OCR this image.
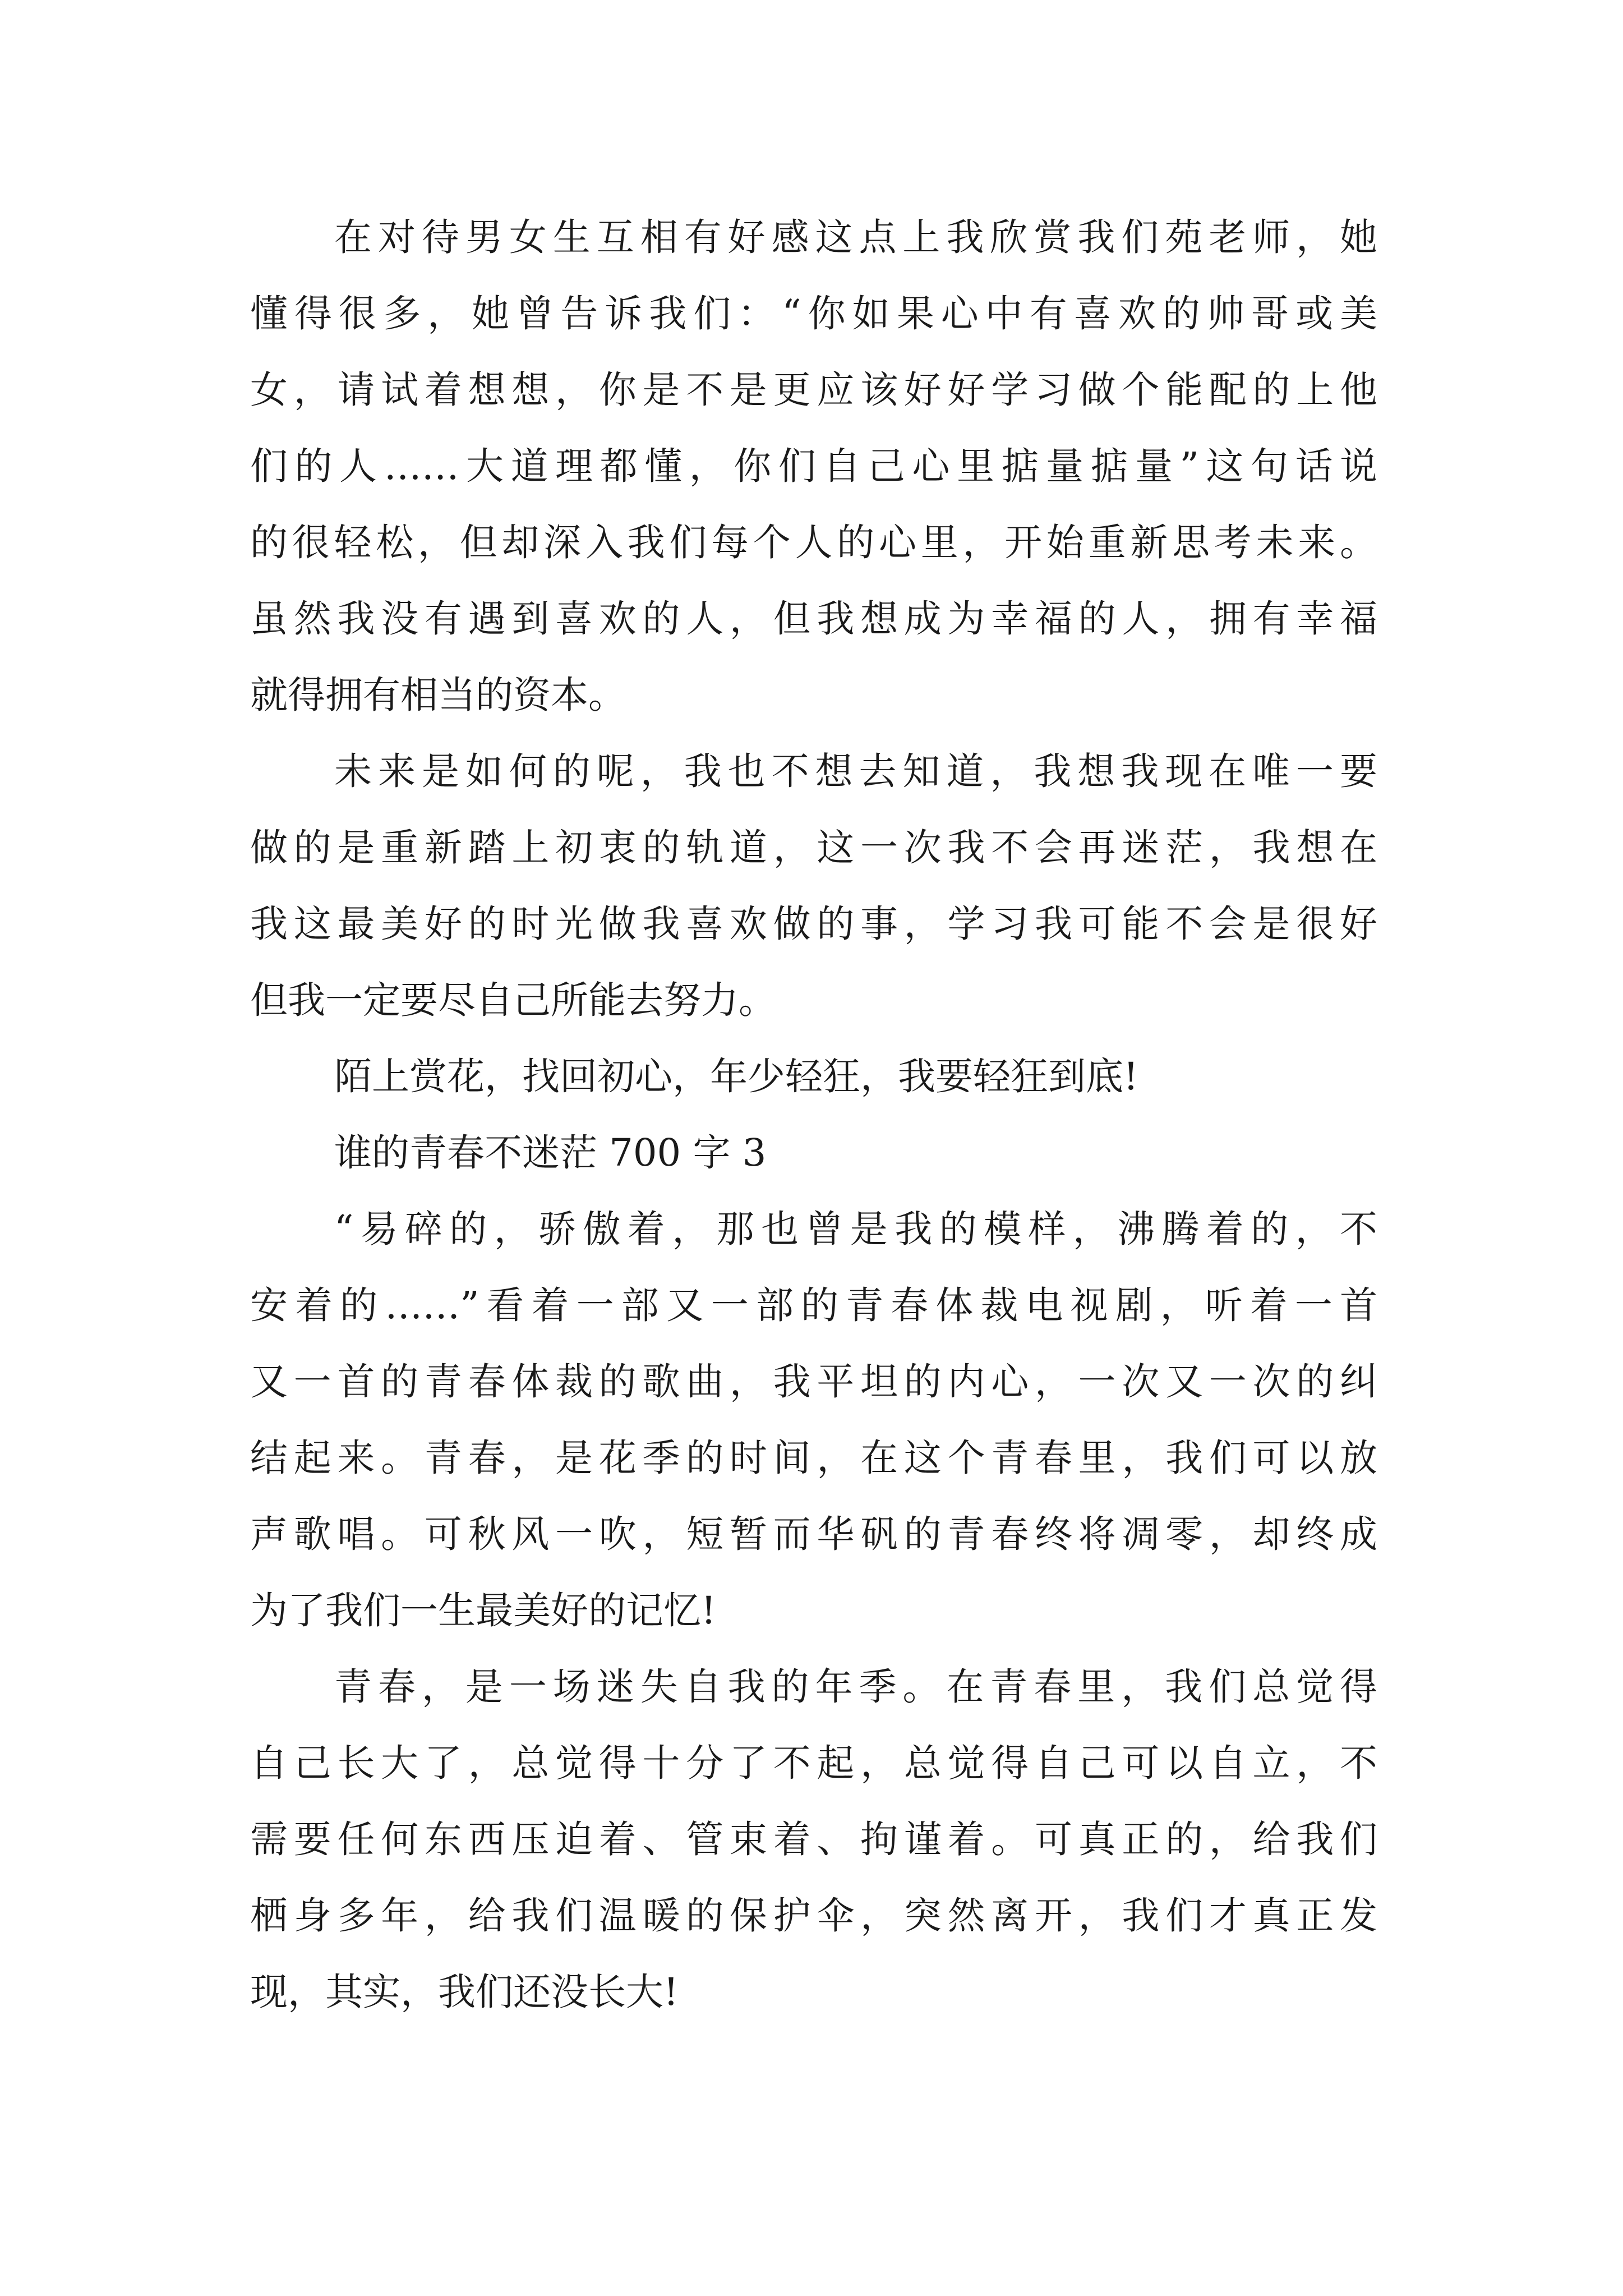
在对待男女生互相有好感这点上我欣赏我们苑老师，她
懂得很多，她曾告诉我们：“你如果心中有喜欢的帅哥或美
女，请试着想想，你是不是更应该好好学习做个能配的上他
们的人……大道理都懂，你们自己心里掂量掂量”这句话说
的很轻松，但却深入我们每个人的心里，开始重新思考未来。
虽然我没有遇到喜欢的人，但我想成为幸福的人，拥有幸福
就得拥有相当的资本。
未来是如何的呢，我也不想去知道，我想我现在唯一要
做的是重新踏上初衷的轨道，这一次我不会再迷茫，我想在
我这最美好的时光做我喜欢做的事，学习我可能不会是很好
但我一定要尽自己所能去努力。
陌上赏花，找回初心，年少轻狂，我要轻狂到底!
谁的青春不迷茫 700 字 3
“易碎的，骄傲着，那也曾是我的模样，沸腾着的，不
安着的……”看着一部又一部的青春体裁电视剧，听着一首
又一首的青春体裁的歌曲，我平坦的内心，一次又一次的纠
结起来。青春，是花季的时间，在这个青春里，我们可以放
声歌唱。可秋风一吹，短暂而华矾的青春终将凋零，却终成
为了我们一生最美好的记忆!
青春，是一场迷失自我的年季。在青春里，我们总觉得
自己长大了，总觉得十分了不起，总觉得自己可以自立，不
需要任何东西压迫着、管束着、拘谨着。可真正的，给我们
栖身多年，给我们温暖的保护伞，突然离开，我们才真正发
现，其实，我们还没长大!
